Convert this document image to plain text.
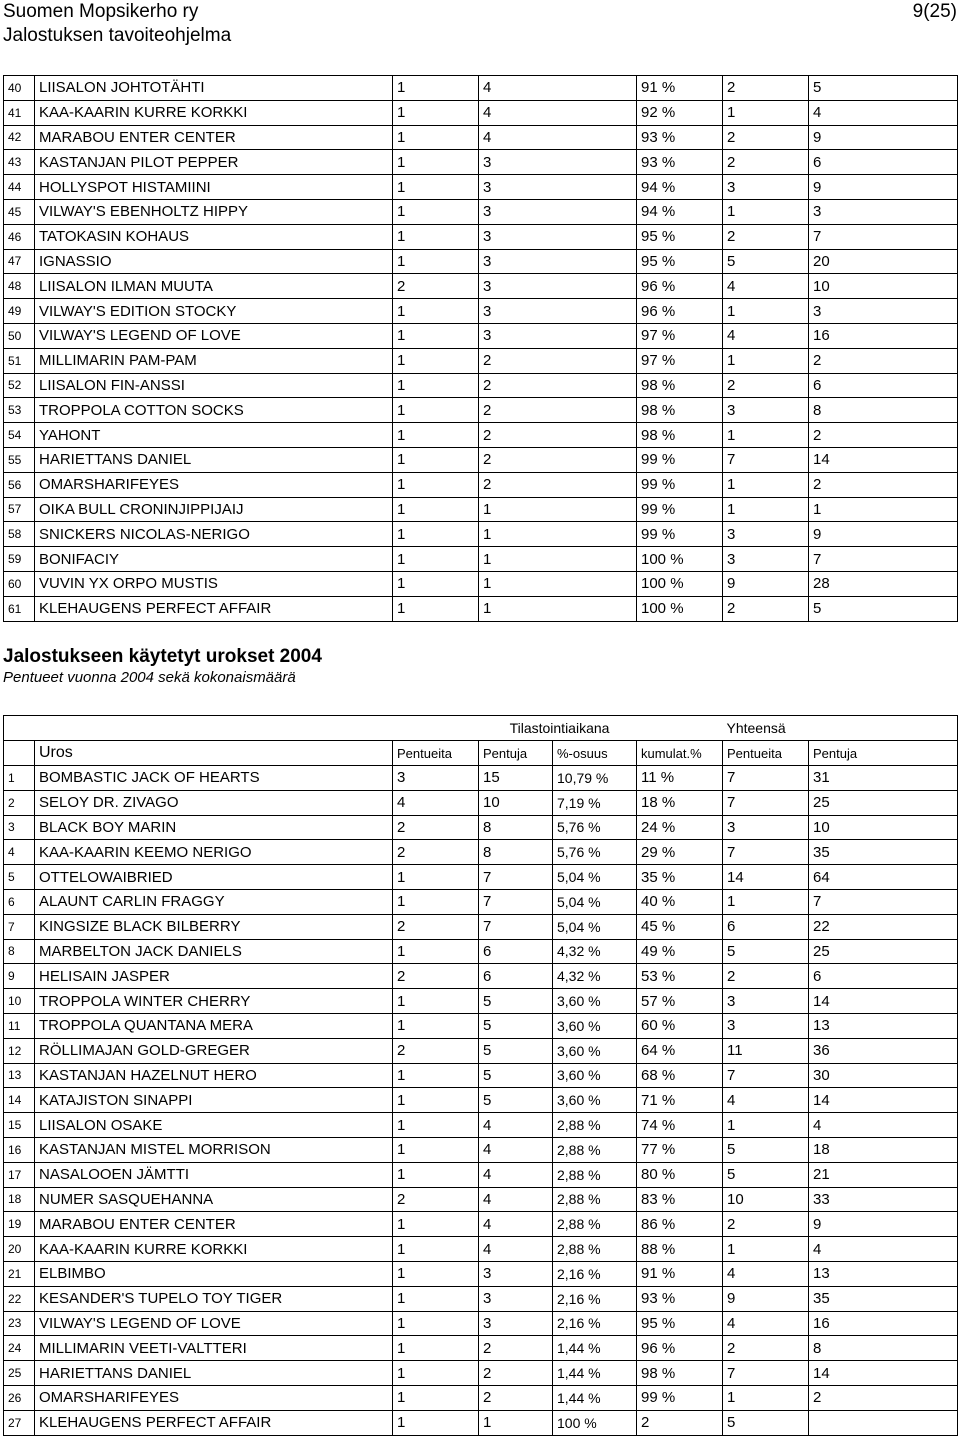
Suomen Mopsikerho ry
Jalostuksen tavoiteohjelma
9(25)
40	LIISALON JOHTOTÄHTI	1	4	91 %	2	5
41	KAA-KAARIN KURRE KORKKI	1	4	92 %	1	4
42	MARABOU ENTER CENTER	1	4	93 %	2	9
43	KASTANJAN PILOT PEPPER	1	3	93 %	2	6
44	HOLLYSPOT HISTAMIINI	1	3	94 %	3	9
45	VILWAY'S EBENHOLTZ HIPPY	1	3	94 %	1	3
46	TATOKASIN KOHAUS	1	3	95 %	2	7
47	IGNASSIO	1	3	95 %	5	20
48	LIISALON ILMAN MUUTA	2	3	96 %	4	10
49	VILWAY'S EDITION STOCKY	1	3	96 %	1	3
50	VILWAY'S LEGEND OF LOVE	1	3	97 %	4	16
51	MILLIMARIN PAM-PAM	1	2	97 %	1	2
52	LIISALON FIN-ANSSI	1	2	98 %	2	6
53	TROPPOLA COTTON SOCKS	1	2	98 %	3	8
54	YAHONT	1	2	98 %	1	2
55	HARIETTANS DANIEL	1	2	99 %	7	14
56	OMARSHARIFEYES	1	2	99 %	1	2
57	OIKA BULL CRONINJIPPIJAIJ	1	1	99 %	1	1
58	SNICKERS NICOLAS-NERIGO	1	1	99 %	3	9
59	BONIFACIY	1	1	100 %	3	7
60	VUVIN YX ORPO MUSTIS	1	1	100 %	9	28
61	KLEHAUGENS PERFECT AFFAIR	1	1	100 %	2	5
Jalostukseen käytetyt urokset 2004
Pentueet vuonna 2004 sekä kokonaismäärä
		Tilastointiaikana				Yhteensä	
	Uros	Pentueita	Pentuja	%-osuus	kumulat.%	Pentueita	Pentuja
1	BOMBASTIC JACK OF HEARTS	3	15	10,79 %	11 %	7	31
2	SELOY DR. ZIVAGO	4	10	7,19 %	18 %	7	25
3	BLACK BOY MARIN	2	8	5,76 %	24 %	3	10
4	KAA-KAARIN KEEMO NERIGO	2	8	5,76 %	29 %	7	35
5	OTTELOWAIBRIED	1	7	5,04 %	35 %	14	64
6	ALAUNT CARLIN FRAGGY	1	7	5,04 %	40 %	1	7
7	KINGSIZE BLACK BILBERRY	2	7	5,04 %	45 %	6	22
8	MARBELTON JACK DANIELS	1	6	4,32 %	49 %	5	25
9	HELISAIN JASPER	2	6	4,32 %	53 %	2	6
10	TROPPOLA WINTER CHERRY	1	5	3,60 %	57 %	3	14
11	TROPPOLA QUANTANA MERA	1	5	3,60 %	60 %	3	13
12	RÖLLIMAJAN GOLD-GREGER	2	5	3,60 %	64 %	11	36
13	KASTANJAN HAZELNUT HERO	1	5	3,60 %	68 %	7	30
14	KATAJISTON SINAPPI	1	5	3,60 %	71 %	4	14
15	LIISALON OSAKE	1	4	2,88 %	74 %	1	4
16	KASTANJAN MISTEL MORRISON	1	4	2,88 %	77 %	5	18
17	NASALOOEN JÄMTTI	1	4	2,88 %	80 %	5	21
18	NUMER SASQUEHANNA	2	4	2,88 %	83 %	10	33
19	MARABOU ENTER CENTER	1	4	2,88 %	86 %	2	9
20	KAA-KAARIN KURRE KORKKI	1	4	2,88 %	88 %	1	4
21	ELBIMBO	1	3	2,16 %	91 %	4	13
22	KESANDER'S TUPELO TOY TIGER	1	3	2,16 %	93 %	9	35
23	VILWAY'S LEGEND OF LOVE	1	3	2,16 %	95 %	4	16
24	MILLIMARIN VEETI-VALTTERI	1	2	1,44 %	96 %	2	8
25	HARIETTANS DANIEL	1	2	1,44 %	98 %	7	14
26	OMARSHARIFEYES	1	2	1,44 %	99 %	1	2
27	KLEHAUGENS PERFECT AFFAIR	1	1	100 %	2	5	
